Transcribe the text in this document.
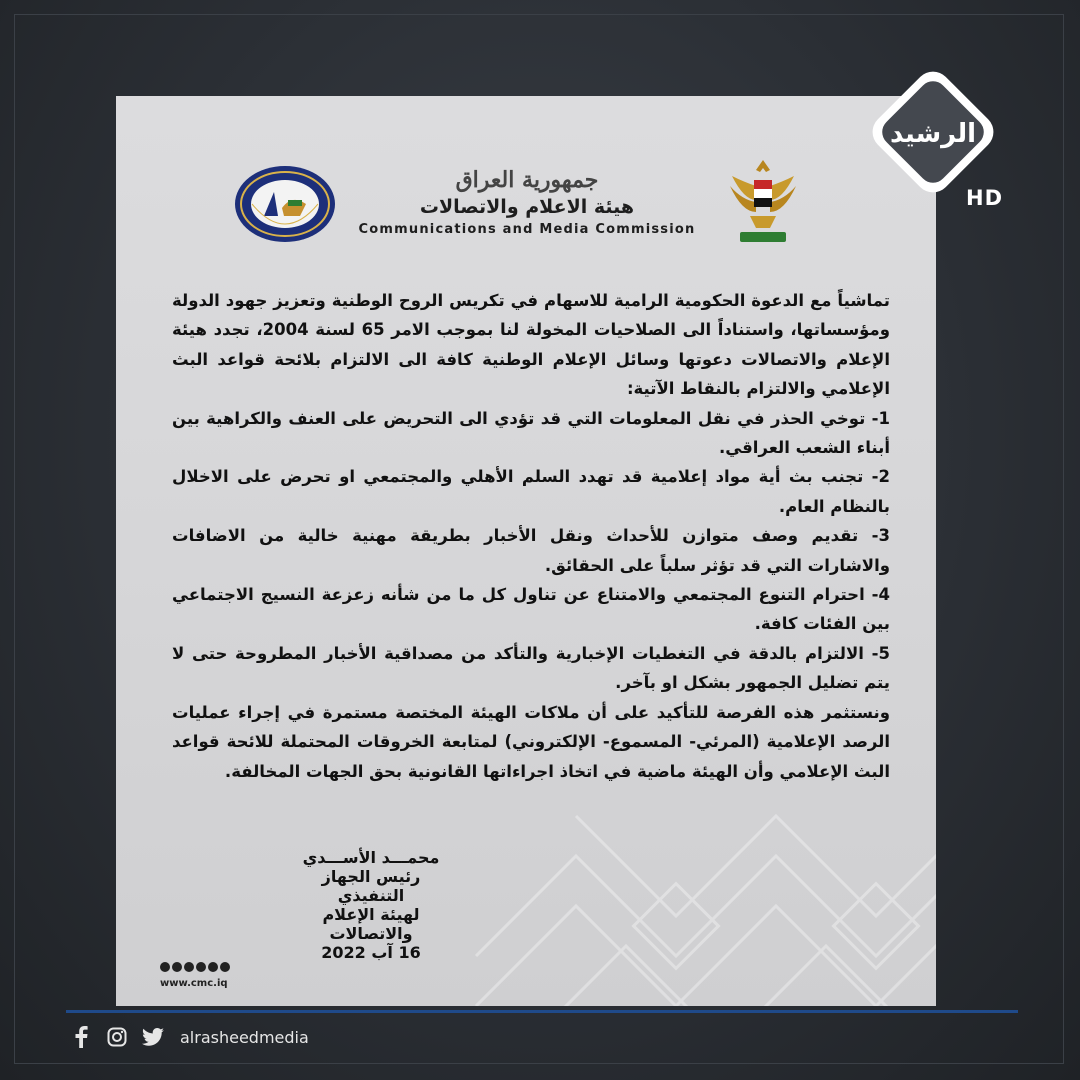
جمهورية العراق
هيئة الاعلام والاتصالات
Communications and Media Commission

تماشياً مع الدعوة الحكومية الرامية للاسهام في تكريس الروح الوطنية وتعزيز جهود الدولة ومؤسساتها، واستناداً الى الصلاحيات المخولة لنا بموجب الامر 65 لسنة 2004، تجدد هيئة الإعلام والاتصالات دعوتها وسائل الإعلام الوطنية كافة الى الالتزام بلائحة قواعد البث الإعلامي والالتزام بالنقاط الآتية:

1- توخي الحذر في نقل المعلومات التي قد تؤدي الى التحريض على العنف والكراهية بين أبناء الشعب العراقي.

2- تجنب بث أية مواد إعلامية قد تهدد السلم الأهلي والمجتمعي او تحرض على الاخلال بالنظام العام.

3- تقديم وصف متوازن للأحداث ونقل الأخبار بطريقة مهنية خالية من الاضافات والاشارات التي قد تؤثر سلباً على الحقائق.

4- احترام التنوع المجتمعي والامتناع عن تناول كل ما من شأنه زعزعة النسيج الاجتماعي بين الفئات كافة.

5- الالتزام بالدقة في التغطيات الإخبارية والتأكد من مصداقية الأخبار المطروحة حتى لا يتم تضليل الجمهور بشكل او بآخر.

ونستثمر هذه الفرصة للتأكيد على أن ملاكات الهيئة المختصة مستمرة في إجراء عمليات الرصد الإعلامية (المرئي- المسموع- الإلكتروني) لمتابعة الخروقات المحتملة للائحة قواعد البث الإعلامي وأن الهيئة ماضية في اتخاذ اجراءاتها القانونية بحق الجهات المخالفة.

محمـــد الأســـدي
رئيس الجهاز التنفيذي
لهيئة الإعلام والاتصالات
16 آب 2022
www.cmc.iq
الرشيد
HD
alrasheedmedia
